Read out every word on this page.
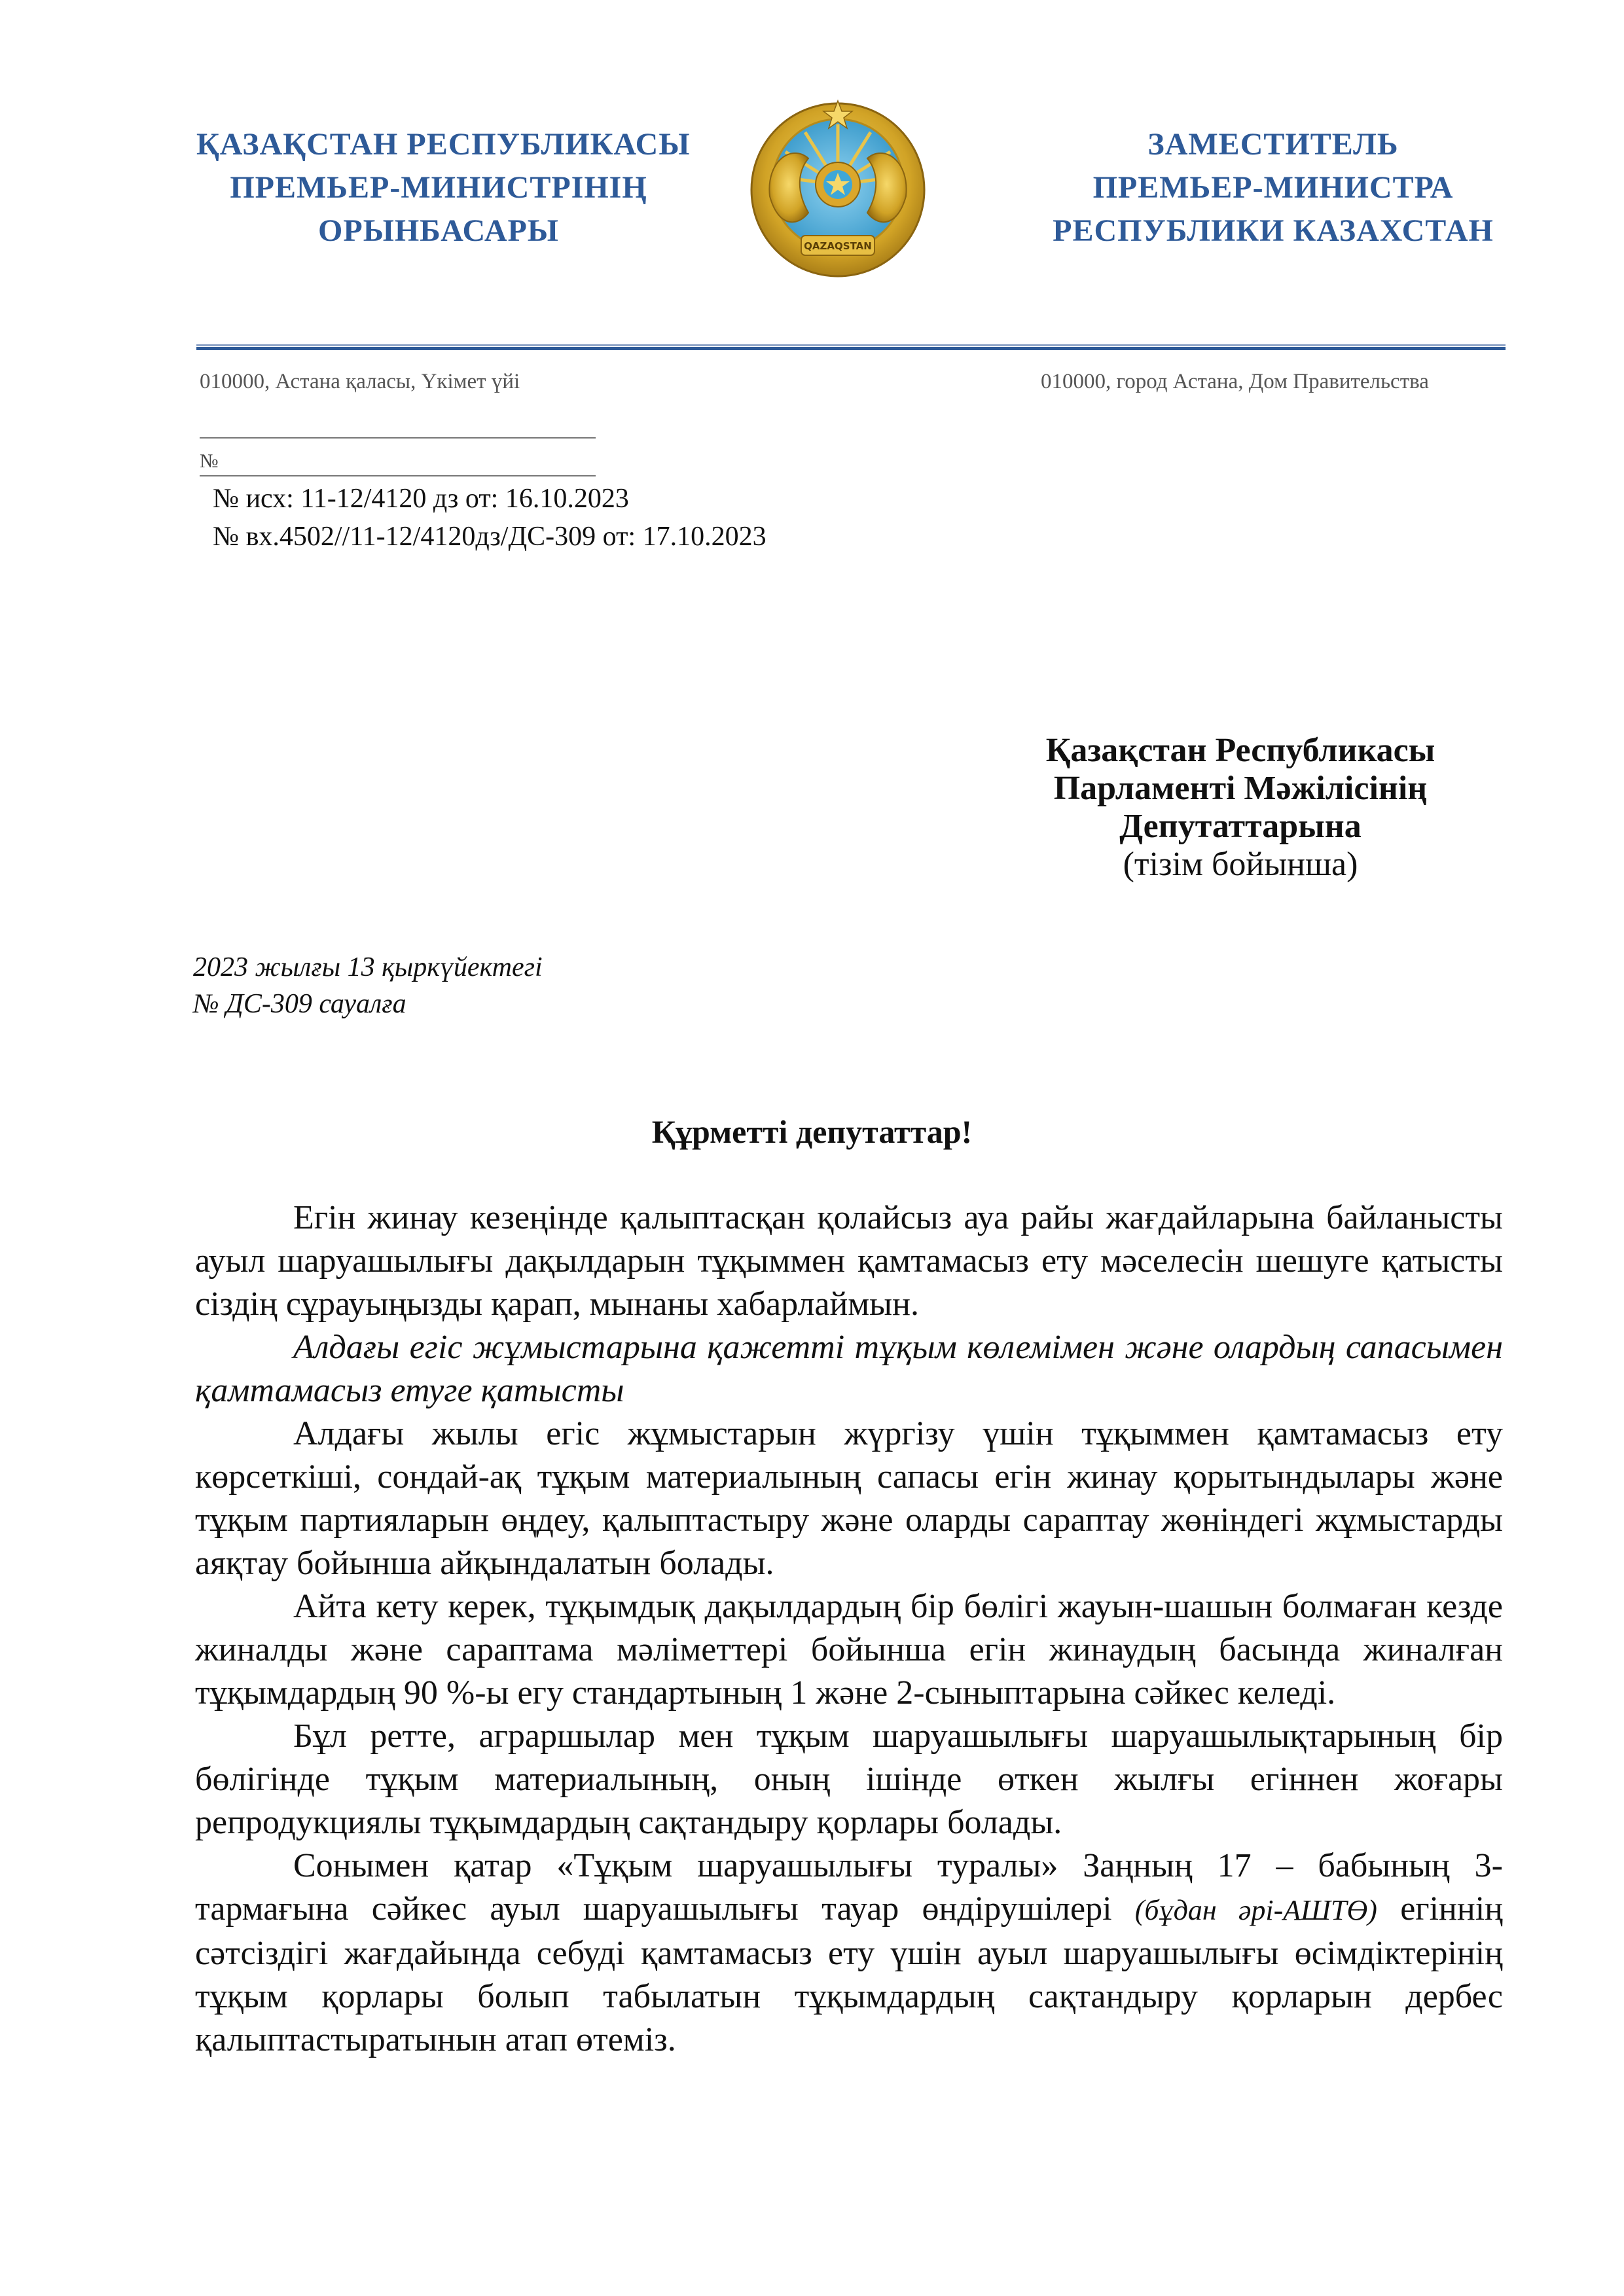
ҚАЗАҚСТАН РЕСПУБЛИКАСЫ
ПРЕМЬЕР-МИНИСТРІНІҢ
ОРЫНБАСАРЫ	QAZAQSTAN
ЗАМЕСТИТЕЛЬ
ПРЕМЬЕР-МИНИСТРА
РЕСПУБЛИКИ КАЗАХСТАН
010000, Астана қаласы, Үкімет үйі	010000, город Астана, Дом Правительства
№
№ исх: 11-12/4120 дз от: 16.10.2023
№ вх.4502//11-12/4120дз/ДС-309 от: 17.10.2023
Қазақстан Республикасы
Парламенті Мәжілісінің
Депутаттарына
(тізім бойынша)
2023 жылғы 13 қыркүйектегі
№ ДС-309 сауалға
Құрметті депутаттар!

Егін жинау кезеңінде қалыптасқан қолайсыз ауа райы жағдайларына байланысты ауыл шаруашылығы дақылдарын тұқыммен қамтамасыз ету мәселесін шешуге қатысты сіздің сұрауыңызды қарап, мынаны хабарлаймын.

Алдағы егіс жұмыстарына қажетті тұқым көлемімен және олардың сапасымен қамтамасыз етуге қатысты

Алдағы жылы егіс жұмыстарын жүргізу үшін тұқыммен қамтамасыз ету көрсеткіші, сондай-ақ тұқым материалының сапасы егін жинау қорытындылары және тұқым партияларын өңдеу, қалыптастыру және оларды сараптау жөніндегі жұмыстарды аяқтау бойынша айқындалатын болады.

Айта кету керек, тұқымдық дақылдардың бір бөлігі жауын-шашын болмаған кезде жиналды және сараптама мәліметтері бойынша егін жинаудың басында жиналған тұқымдардың 90 %-ы егу стандартының 1 және 2-сыныптарына сәйкес келеді.

Бұл ретте, аграршылар мен тұқым шаруашылығы шаруашылықтарының бір бөлігінде тұқым материалының, оның ішінде өткен жылғы егіннен жоғары репродукциялы тұқымдардың сақтандыру қорлары болады.

Сонымен қатар «Тұқым шаруашылығы туралы» Заңның 17 – бабының 3-тармағына сәйкес ауыл шаруашылығы тауар өндірушілері (бұдан әрі-АШТӨ) егіннің сәтсіздігі жағдайында себуді қамтамасыз ету үшін ауыл шаруашылығы өсімдіктерінің тұқым қорлары болып табылатын тұқымдардың сақтандыру қорларын дербес қалыптастыратынын атап өтеміз.
